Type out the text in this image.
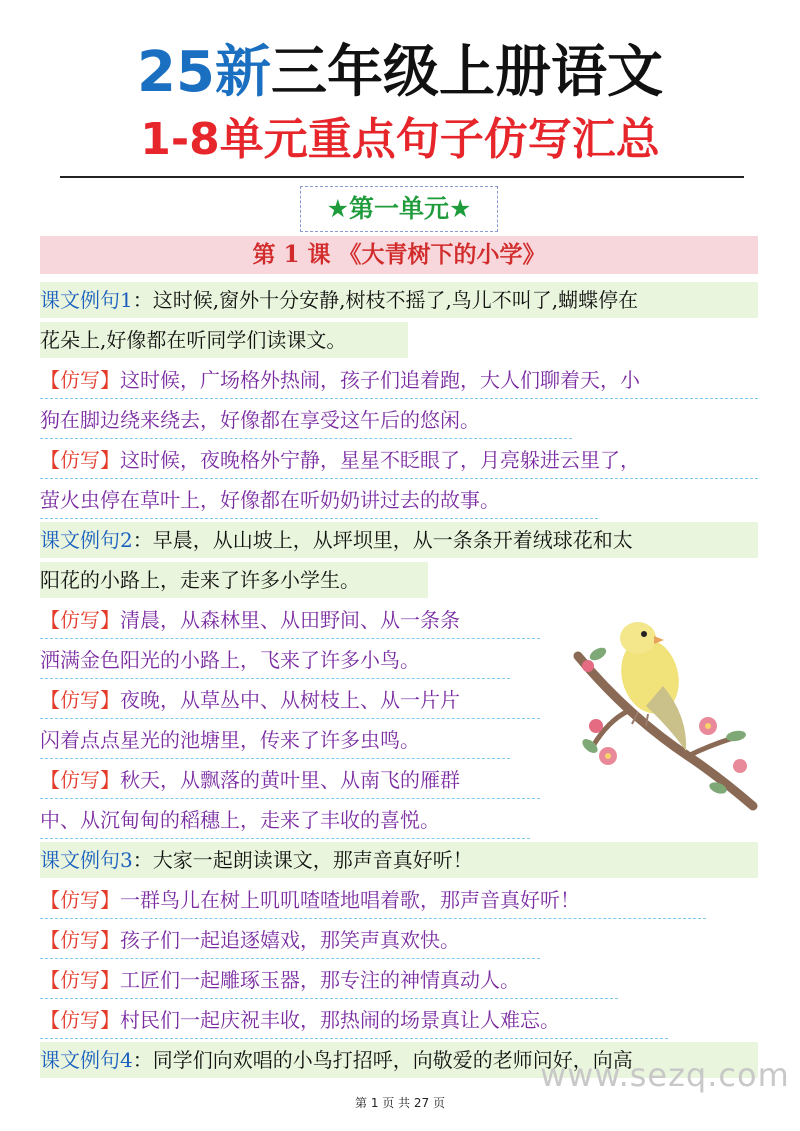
25新三年级上册语文
1-8单元重点句子仿写汇总
★第一单元★
第 1 课 《大青树下的小学》
课文例句1：这时候,窗外十分安静,树枝不摇了,鸟儿不叫了,蝴蝶停在
花朵上,好像都在听同学们读课文。
【仿写】这时候，广场格外热闹，孩子们追着跑，大人们聊着天，小
狗在脚边绕来绕去，好像都在享受这午后的悠闲。
【仿写】这时候，夜晚格外宁静，星星不眨眼了，月亮躲进云里了，
萤火虫停在草叶上，好像都在听奶奶讲过去的故事。
课文例句2：早晨，从山坡上，从坪坝里，从一条条开着绒球花和太
阳花的小路上，走来了许多小学生。
【仿写】清晨，从森林里、从田野间、从一条条
洒满金色阳光的小路上，飞来了许多小鸟。
【仿写】夜晚，从草丛中、从树枝上、从一片片
闪着点点星光的池塘里，传来了许多虫鸣。
【仿写】秋天，从飘落的黄叶里、从南飞的雁群
中、从沉甸甸的稻穗上，走来了丰收的喜悦。
课文例句3：大家一起朗读课文，那声音真好听！
【仿写】一群鸟儿在树上叽叽喳喳地唱着歌，那声音真好听！
【仿写】孩子们一起追逐嬉戏，那笑声真欢快。
【仿写】工匠们一起雕琢玉器，那专注的神情真动人。
【仿写】村民们一起庆祝丰收，那热闹的场景真让人难忘。
课文例句4：同学们向欢唱的小鸟打招呼，向敬爱的老师问好，向高
www.sezq.com
第 1 页 共 27 页
